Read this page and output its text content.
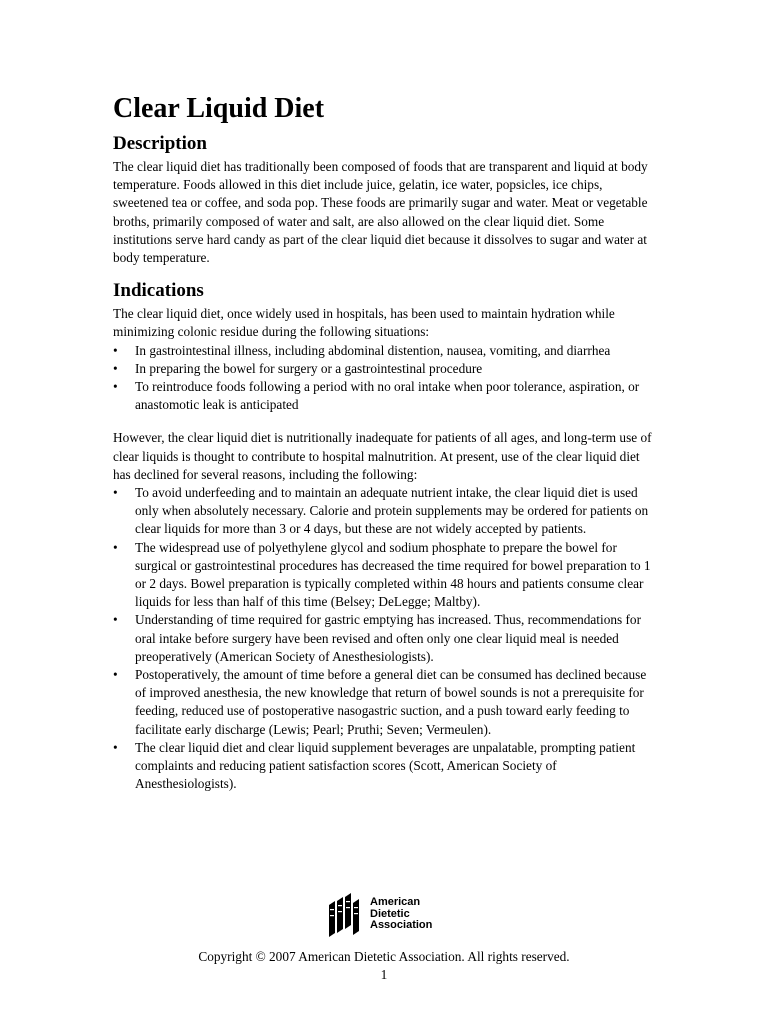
Clear Liquid Diet
Description

The clear liquid diet has traditionally been composed of foods that are transparent and liquid at body temperature. Foods allowed in this diet include juice, gelatin, ice water, popsicles, ice chips, sweetened tea or coffee, and soda pop. These foods are primarily sugar and water. Meat or vegetable broths, primarily composed of water and salt, are also allowed on the clear liquid diet. Some institutions serve hard candy as part of the clear liquid diet because it dissolves to sugar and water at body temperature.

Indications

The clear liquid diet, once widely used in hospitals, has been used to maintain hydration while minimizing colonic residue during the following situations:

• In gastrointestinal illness, including abdominal distention, nausea, vomiting, and diarrhea
• In preparing the bowel for surgery or a gastrointestinal procedure
• To reintroduce foods following a period with no oral intake when poor tolerance, aspiration, or anastomotic leak is anticipated

However, the clear liquid diet is nutritionally inadequate for patients of all ages, and long-term use of clear liquids is thought to contribute to hospital malnutrition. At present, use of the clear liquid diet has declined for several reasons, including the following:

• To avoid underfeeding and to maintain an adequate nutrient intake, the clear liquid diet is used only when absolutely necessary. Calorie and protein supplements may be ordered for patients on clear liquids for more than 3 or 4 days, but these are not widely accepted by patients.
• The widespread use of polyethylene glycol and sodium phosphate to prepare the bowel for surgical or gastrointestinal procedures has decreased the time required for bowel preparation to 1 or 2 days. Bowel preparation is typically completed within 48 hours and patients consume clear liquids for less than half of this time (Belsey; DeLegge; Maltby).
• Understanding of time required for gastric emptying has increased. Thus, recommendations for oral intake before surgery have been revised and often only one clear liquid meal is needed preoperatively (American Society of Anesthesiologists).
• Postoperatively, the amount of time before a general diet can be consumed has declined because of improved anesthesia, the new knowledge that return of bowel sounds is not a prerequisite for feeding, reduced use of postoperative nasogastric suction, and a push toward early feeding to facilitate early discharge (Lewis; Pearl; Pruthi; Seven; Vermeulen).
• The clear liquid diet and clear liquid supplement beverages are unpalatable, prompting patient complaints and reducing patient satisfaction scores (Scott, American Society of Anesthesiologists).
American
Dietetic
Association
Copyright © 2007 American Dietetic Association. All rights reserved.
1
